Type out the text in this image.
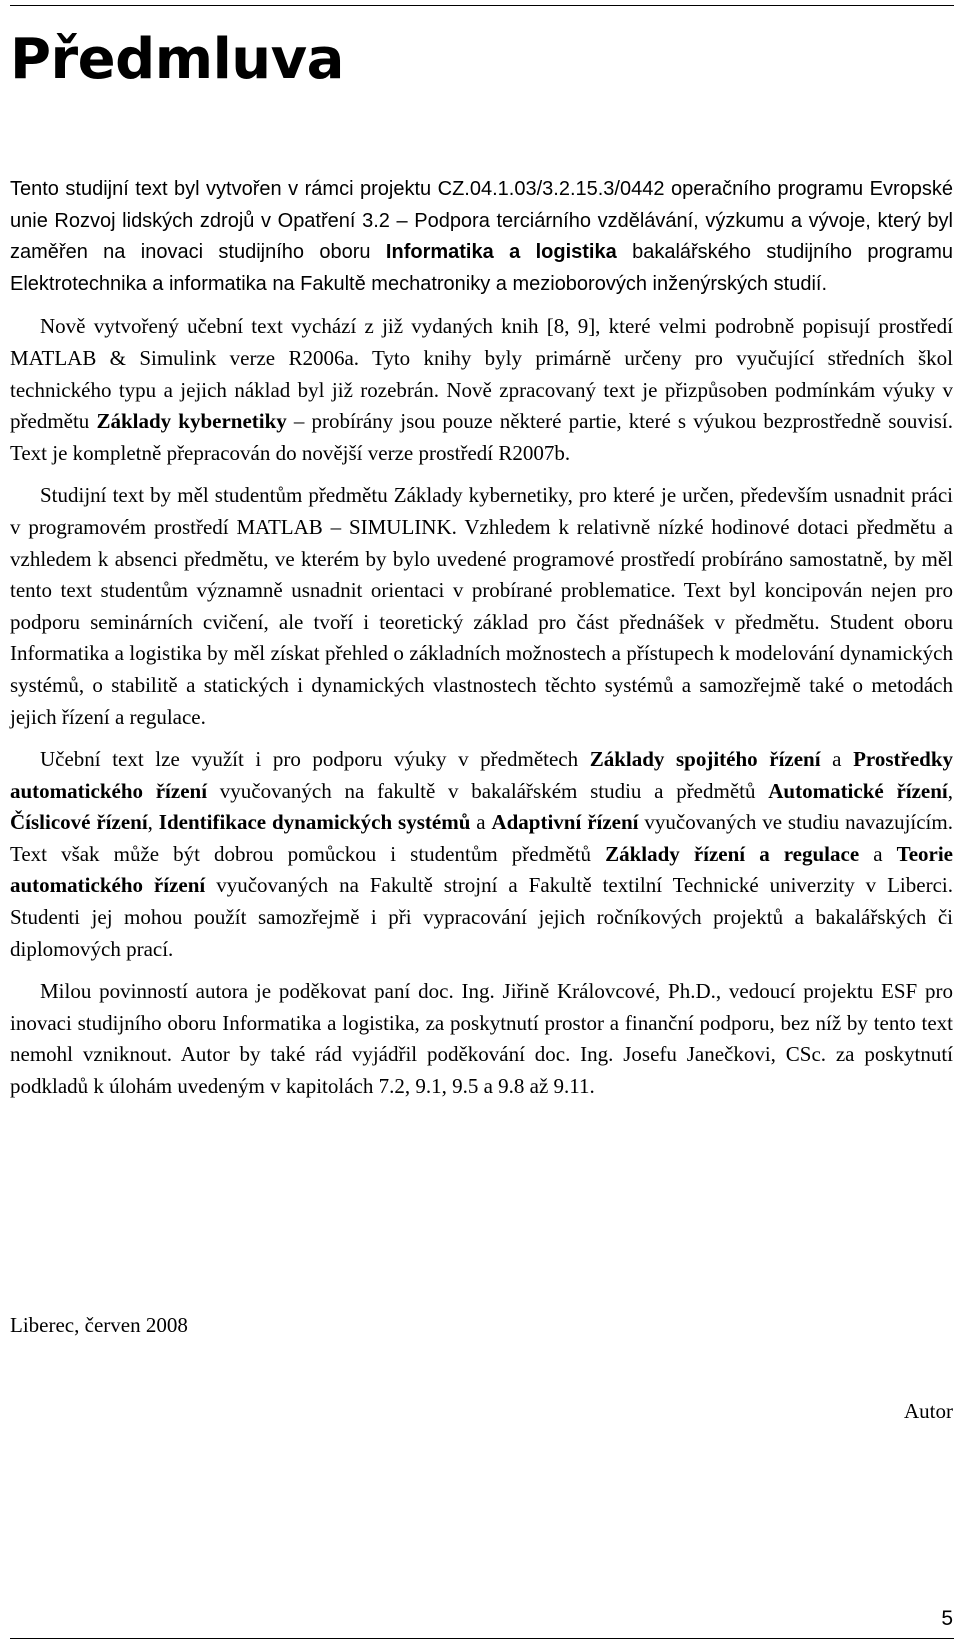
Předmluva

Tento studijní text byl vytvořen v rámci projektu CZ.04.1.03/3.2.15.3/0442 operačního programu Evropské unie Rozvoj lidských zdrojů v Opatření 3.2 – Podpora terciárního vzdělávání, výzkumu a vývoje, který byl zaměřen na inovaci studijního oboru Informatika a logistika bakalářského studijního programu Elektrotechnika a informatika na Fakultě mechatroniky a mezioborových inženýrských studií.

Nově vytvořený učební text vychází z již vydaných knih [8, 9], které velmi podrobně popisují prostředí MATLAB & Simulink verze R2006a. Tyto knihy byly primárně určeny pro vyučující středních škol technického typu a jejich náklad byl již rozebrán. Nově zpracovaný text je přizpůsoben podmínkám výuky v předmětu Základy kybernetiky – probírány jsou pouze některé partie, které s výukou bezprostředně souvisí. Text je kompletně přepracován do novější verze prostředí R2007b.

Studijní text by měl studentům předmětu Základy kybernetiky, pro které je určen, především usnadnit práci v programovém prostředí MATLAB – SIMULINK. Vzhledem k relativně nízké hodinové dotaci předmětu a vzhledem k absenci předmětu, ve kterém by bylo uvedené programové prostředí probíráno samostatně, by měl tento text studentům významně usnadnit orientaci v probírané problematice. Text byl koncipován nejen pro podporu seminárních cvičení, ale tvoří i teoretický základ pro část přednášek v předmětu. Student oboru Informatika a logistika by měl získat přehled o základních možnostech a přístupech k modelování dynamických systémů, o stabilitě a statických i dynamických vlastnostech těchto systémů a samozřejmě také o metodách jejich řízení a regulace.

Učební text lze využít i pro podporu výuky v předmětech Základy spojitého řízení a Prostředky automatického řízení vyučovaných na fakultě v bakalářském studiu a předmětů Automatické řízení, Číslicové řízení, Identifikace dynamických systémů a Adaptivní řízení vyučovaných ve studiu navazujícím. Text však může být dobrou pomůckou i studentům předmětů Základy řízení a regulace a Teorie automatického řízení vyučovaných na Fakultě strojní a Fakultě textilní Technické univerzity v Liberci. Studenti jej mohou použít samozřejmě i při vypracování jejich ročníkových projektů a bakalářských či diplomových prací.

Milou povinností autora je poděkovat paní doc. Ing. Jiřině Královcové, Ph.D., vedoucí projektu ESF pro inovaci studijního oboru Informatika a logistika, za poskytnutí prostor a finanční podporu, bez níž by tento text nemohl vzniknout. Autor by také rád vyjádřil poděkování doc. Ing. Josefu Janečkovi, CSc. za poskytnutí podkladů k úlohám uvedeným v kapitolách 7.2, 9.1, 9.5 a 9.8 až 9.11.

Liberec, červen 2008

Autor

5
